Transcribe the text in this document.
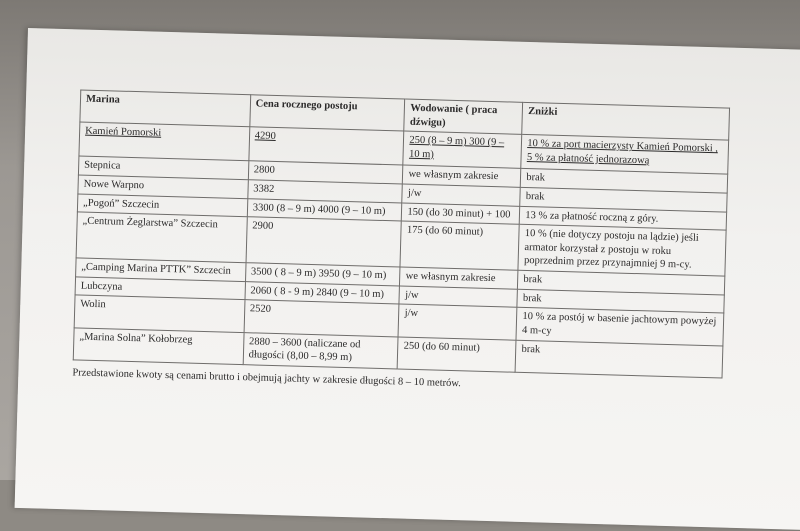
Marina	Cena rocznego postoju	Wodowanie ( praca dźwigu)	Zniżki
Kamień Pomorski	4290	250 (8 – 9 m) 300 (9 – 10 m)	10 % za port macierzysty Kamień Pomorski , 5 % za płatność jednorazową
Stepnica	2800	we własnym zakresie	brak
Nowe Warpno	3382	j/w	brak
„Pogoń” Szczecin	3300 (8 – 9 m) 4000 (9 – 10 m)	150 (do 30 minut) + 100	13 % za płatność roczną z góry.
„Centrum Żeglarstwa” Szczecin	2900	175 (do 60 minut)	10 % (nie dotyczy postoju na lądzie) jeśli armator korzystał z postoju w roku poprzednim przez przynajmniej 9 m-cy.
„Camping Marina PTTK” Szczecin	3500 ( 8 – 9 m) 3950 (9 – 10 m)	we własnym zakresie	brak
Lubczyna	2060 ( 8 - 9 m) 2840 (9 – 10 m)	j/w	brak
Wolin	2520	j/w	10 % za postój w basenie jachtowym powyżej 4 m-cy
„Marina Solna” Kołobrzeg	2880 – 3600 (naliczane od długości (8,00 – 8,99 m)	250 (do 60 minut)	brak
Przedstawione kwoty są cenami brutto i obejmują jachty w zakresie długości 8 – 10 metrów.
